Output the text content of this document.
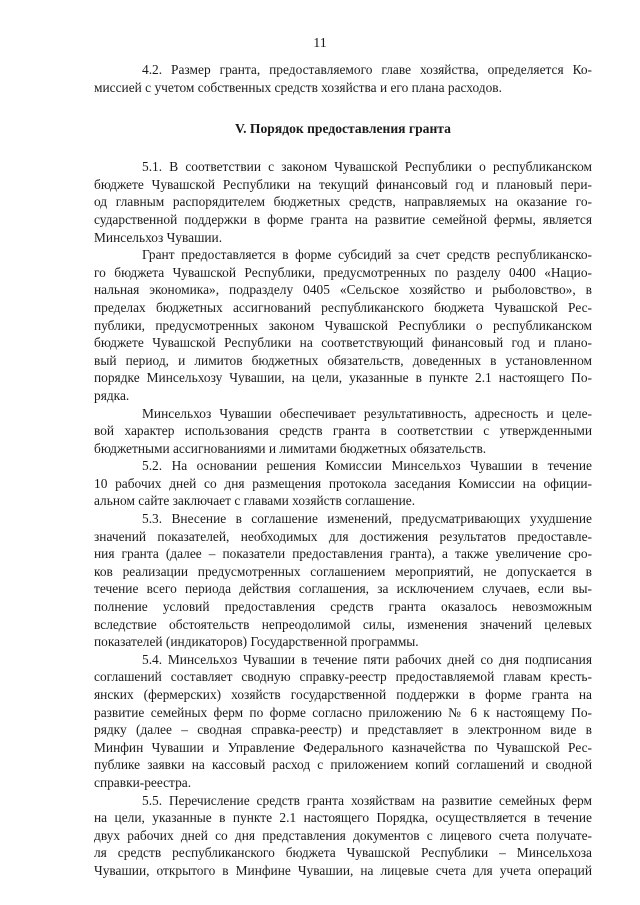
11
4.2. Размер гранта, предоставляемого главе хозяйства, определяется Ко-
миссией с учетом собственных средств хозяйства и его плана расходов.
V. Порядок предоставления гранта
5.1. В соответствии с законом Чувашской Республики о республиканском
бюджете Чувашской Республики на текущий финансовый год и плановый пери-
од главным распорядителем бюджетных средств, направляемых на оказание го-
сударственной поддержки в форме гранта на развитие семейной фермы, является
Минсельхоз Чувашии.
Грант предоставляется в форме субсидий за счет средств республиканско-
го бюджета Чувашской Республики, предусмотренных по разделу 0400 «Нацио-
нальная экономика», подразделу 0405 «Сельское хозяйство и рыболовство», в
пределах бюджетных ассигнований республиканского бюджета Чувашской Рес-
публики, предусмотренных законом Чувашской Республики о республиканском
бюджете Чувашской Республики на соответствующий финансовый год и плано-
вый период, и лимитов бюджетных обязательств, доведенных в установленном
порядке Минсельхозу Чувашии, на цели, указанные в пункте 2.1 настоящего По-
рядка.
Минсельхоз Чувашии обеспечивает результативность, адресность и целе-
вой характер использования средств гранта в соответствии с утвержденными
бюджетными ассигнованиями и лимитами бюджетных обязательств.
5.2. На основании решения Комиссии Минсельхоз Чувашии в течение
10 рабочих дней со дня размещения протокола заседания Комиссии на официи-
альном сайте заключает с главами хозяйств соглашение.
5.3. Внесение в соглашение изменений, предусматривающих ухудшение
значений показателей, необходимых для достижения результатов предоставле-
ния гранта (далее – показатели предоставления гранта), а также увеличение сро-
ков реализации предусмотренных соглашением мероприятий, не допускается в
течение всего периода действия соглашения, за исключением случаев, если вы-
полнение условий предоставления средств гранта оказалось невозможным
вследствие обстоятельств непреодолимой силы, изменения значений целевых
показателей (индикаторов) Государственной программы.
5.4. Минсельхоз Чувашии в течение пяти рабочих дней со дня подписания
соглашений составляет сводную справку-реестр предоставляемой главам кресть-
янских (фермерских) хозяйств государственной поддержки в форме гранта на
развитие семейных ферм по форме согласно приложению № 6 к настоящему По-
рядку (далее – сводная справка-реестр) и представляет в электронном виде в
Минфин Чувашии и Управление Федерального казначейства по Чувашской Рес-
публике заявки на кассовый расход с приложением копий соглашений и сводной
справки-реестра.
5.5. Перечисление средств гранта хозяйствам на развитие семейных ферм
на цели, указанные в пункте 2.1 настоящего Порядка, осуществляется в течение
двух рабочих дней со дня представления документов с лицевого счета получате-
ля средств республиканского бюджета Чувашской Республики – Минсельхоза
Чувашии, открытого в Минфине Чувашии, на лицевые счета для учета операций
